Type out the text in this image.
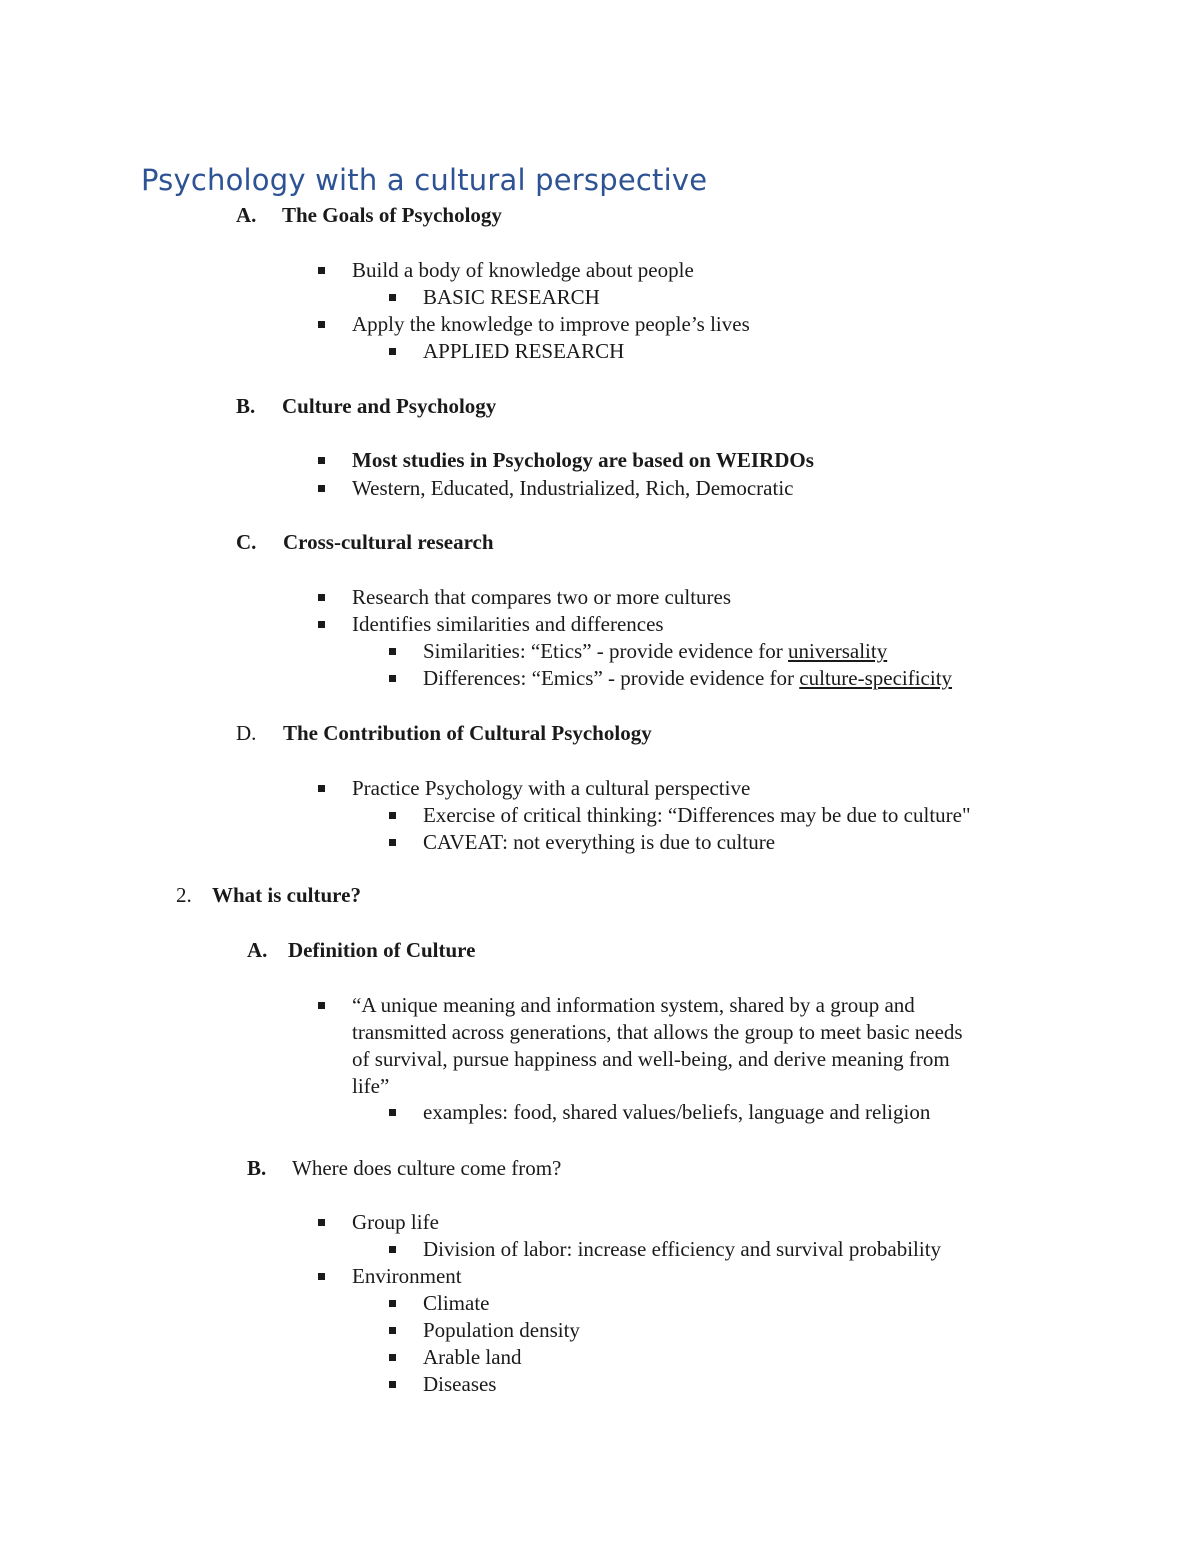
Psychology with a cultural perspective
A. The Goals of Psychology
Build a body of knowledge about people
BASIC RESEARCH
Apply the knowledge to improve people’s lives
APPLIED RESEARCH
B. Culture and Psychology
Most studies in Psychology are based on WEIRDOs
Western, Educated, Industrialized, Rich, Democratic
C. Cross-cultural research
Research that compares two or more cultures
Identifies similarities and differences
Similarities: “Etics” - provide evidence for universality
Differences: “Emics” - provide evidence for culture-specificity
D. The Contribution of Cultural Psychology
Practice Psychology with a cultural perspective
Exercise of critical thinking: “Differences may be due to culture"
CAVEAT: not everything is due to culture
2. What is culture?
A. Definition of Culture
“A unique meaning and information system, shared by a group and
transmitted across generations, that allows the group to meet basic needs
of survival, pursue happiness and well-being, and derive meaning from
life”
examples: food, shared values/beliefs, language and religion
B. Where does culture come from?
Group life
Division of labor: increase efficiency and survival probability
Environment
Climate
Population density
Arable land
Diseases
